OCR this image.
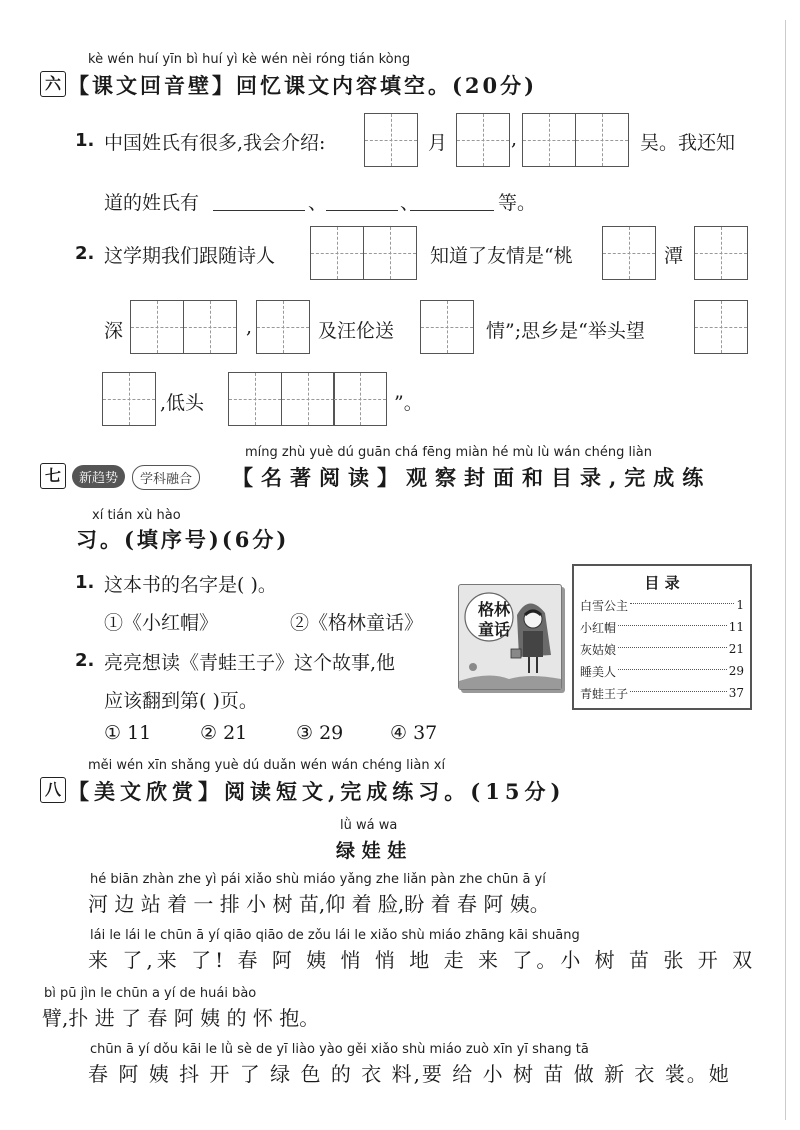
kè wén huí yīn bì huí yì kè wén nèi róng tián kòng
六 【课文回音壁】回忆课文内容填空。(20分)
1. 中国姓氏有很多,我会介绍:	月	,	吴。我还知
道的姓氏有	、	、	等。
2. 这学期我们跟随诗人	知道了友情是“桃	潭
深	,	及汪伦送	情”;思乡是“举头望
,低头	”。
míng zhù yuè dú guān chá fēng miàn hé mù lù wán chéng liàn
七	新趋势	学科融合	【名著阅读】观察封面和目录,完成练
xí tián xù hào
习。(填序号)(6分)
1. 这本书的名字是( )。
①《小红帽》	②《格林童话》
2. 亮亮想读《青蛙王子》这个故事,他
应该翻到第( )页。
① 11	② 21	③ 29 ④ 37
格林
童话
目 录
白雪公主	1
小红帽	11
灰姑娘	21
睡美人	29
青蛙王子	37
měi wén xīn shǎng yuè dú duǎn wén wán chéng liàn xí
八 【美文欣赏】阅读短文,完成练习。(15分)
lǜ wá wa
绿 娃 娃
hé biān zhàn zhe yì pái xiǎo shù miáo yǎng zhe liǎn pàn zhe chūn ā yí
河 边 站 着 一 排 小 树 苗,仰 着 脸,盼 着 春 阿 姨。
lái le lái le chūn ā yí qiāo qiāo de zǒu lái le xiǎo shù miáo zhāng kāi shuāng
来 了,来 了! 春 阿 姨 悄 悄 地 走 来 了。小 树 苗 张 开 双
bì pū jìn le chūn a yí de huái bào
臂,扑 进 了 春 阿 姨 的 怀 抱。
chūn ā yí dǒu kāi le lǜ sè de yī liào yào gěi xiǎo shù miáo zuò xīn yī shang tā
春 阿 姨 抖 开 了 绿 色 的 衣 料,要 给 小 树 苗 做 新 衣 裳。她
